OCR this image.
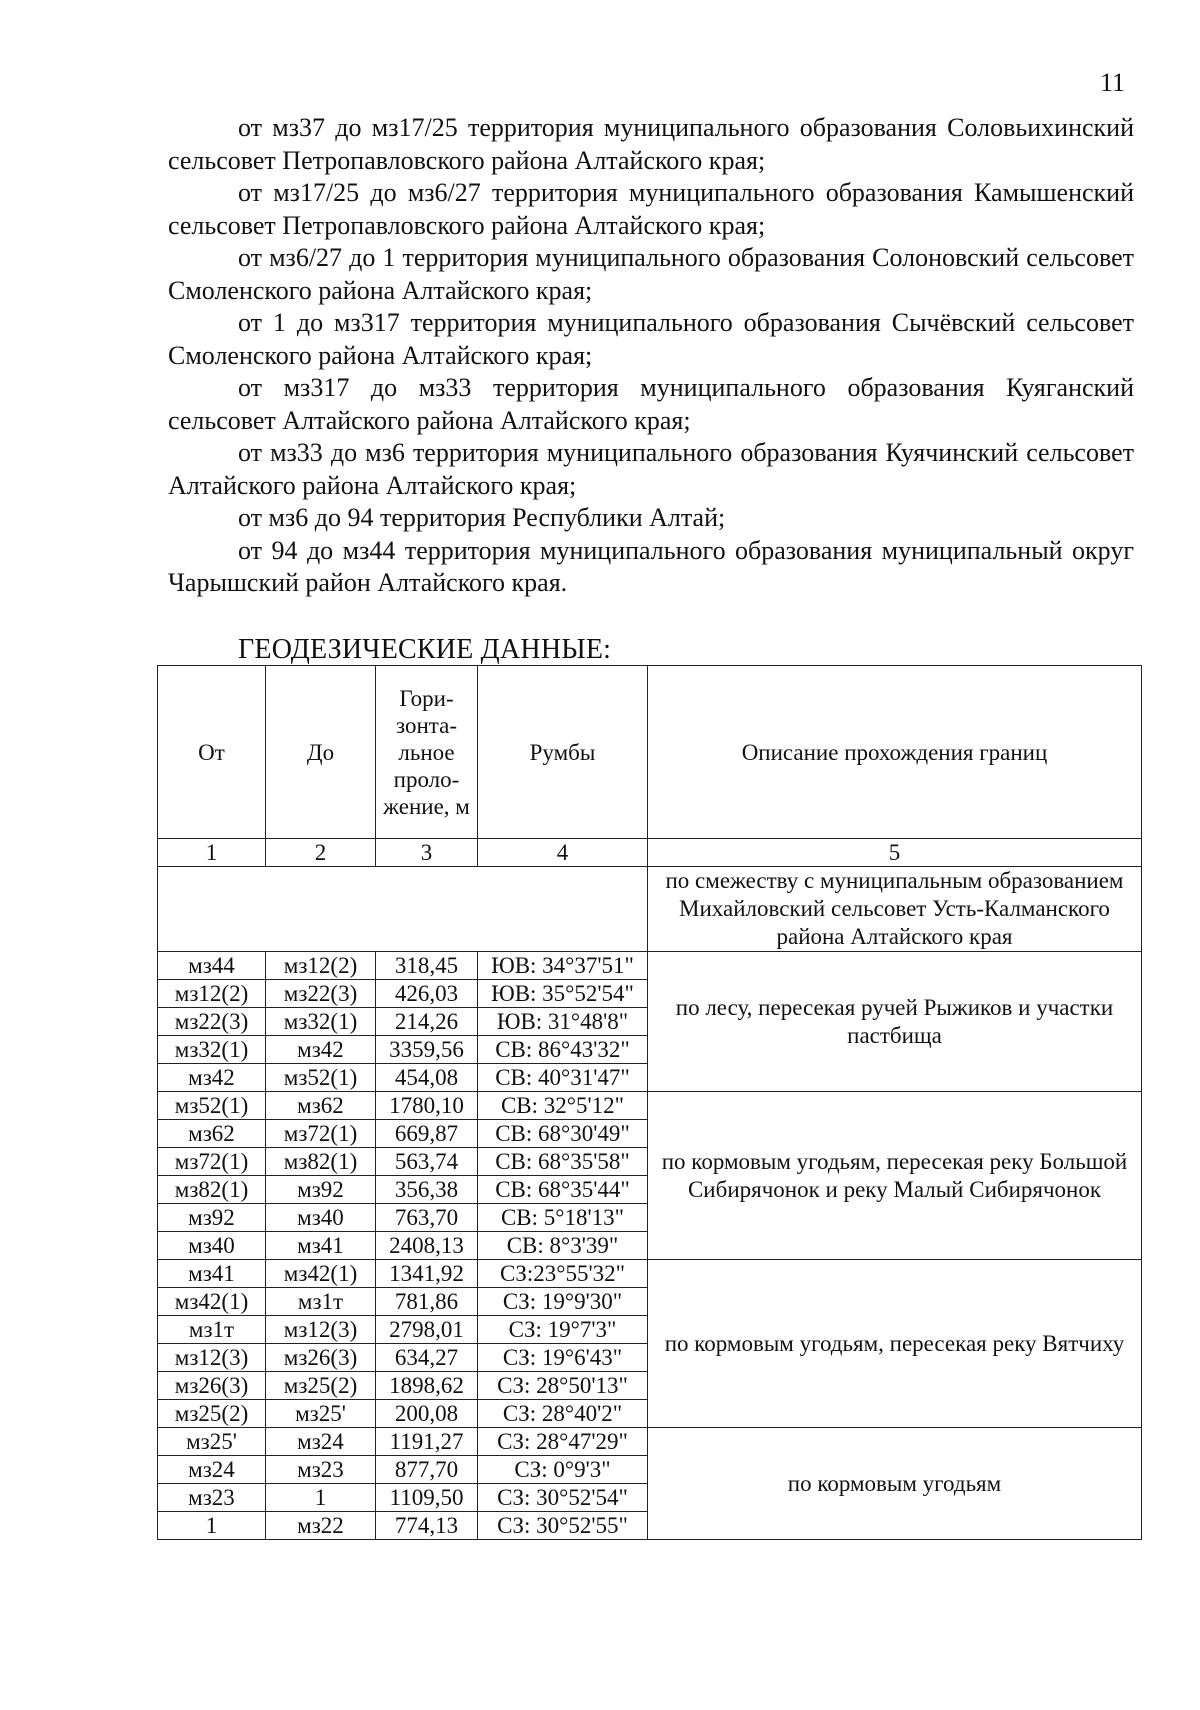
11

от мз37 до мз17/25 территория муниципального образования Соловьихинский сельсовет Петропавловского района Алтайского края;

от мз17/25 до мз6/27 территория муниципального образования Камышенский сельсовет Петропавловского района Алтайского края;

от мз6/27 до 1 территория муниципального образования Солоновский сельсовет Смоленского района Алтайского края;

от 1 до мз317 территория муниципального образования Сычёвский сельсовет Смоленского района Алтайского края;

от мз317 до мз33 территория муниципального образования Куяганский сельсовет Алтайского района Алтайского края;

от мз33 до мз6 территория муниципального образования Куячинский сельсовет Алтайского района Алтайского края;

от мз6 до 94 территория Республики Алтай;

от 94 до мз44 территория муниципального образования муниципальный округ Чарышский район Алтайского края.

ГЕОДЕЗИЧЕСКИЕ ДАННЫЕ:
От	До	Гори-зонта-льное проло-жение, м	Румбы	Описание прохождения границ
1	2	3	4	5
				по смежеству с муниципальным образованием Михайловский сельсовет Усть-Калманского района Алтайского края
мз44	мз12(2)	318,45	ЮВ: 34°37'51"	по лесу, пересекая ручей Рыжиков и участки пастбища
мз12(2)	мз22(3)	426,03	ЮВ: 35°52'54"	
мз22(3)	мз32(1)	214,26	ЮВ: 31°48'8"	
мз32(1)	мз42	3359,56	СВ: 86°43'32"	
мз42	мз52(1)	454,08	СВ: 40°31'47"	
мз52(1)	мз62	1780,10	СВ: 32°5'12"	по кормовым угодьям, пересекая реку Большой Сибирячонок и реку Малый Сибирячонок
мз62	мз72(1)	669,87	СВ: 68°30'49"	
мз72(1)	мз82(1)	563,74	СВ: 68°35'58"	
мз82(1)	мз92	356,38	СВ: 68°35'44"	
мз92	мз40	763,70	СВ: 5°18'13"	
мз40	мз41	2408,13	СВ: 8°3'39"	
мз41	мз42(1)	1341,92	СЗ:23°55'32"	по кормовым угодьям, пересекая реку Вятчиху
мз42(1)	мз1т	781,86	СЗ: 19°9'30"	
мз1т	мз12(3)	2798,01	СЗ: 19°7'3"	
мз12(3)	мз26(3)	634,27	СЗ: 19°6'43"	
мз26(3)	мз25(2)	1898,62	СЗ: 28°50'13"	
мз25(2)	мз25'	200,08	СЗ: 28°40'2"	
мз25'	мз24	1191,27	СЗ: 28°47'29"	по кормовым угодьям
мз24	мз23	877,70	СЗ: 0°9'3"	
мз23	1	1109,50	СЗ: 30°52'54"	
1	мз22	774,13	СЗ: 30°52'55"	
